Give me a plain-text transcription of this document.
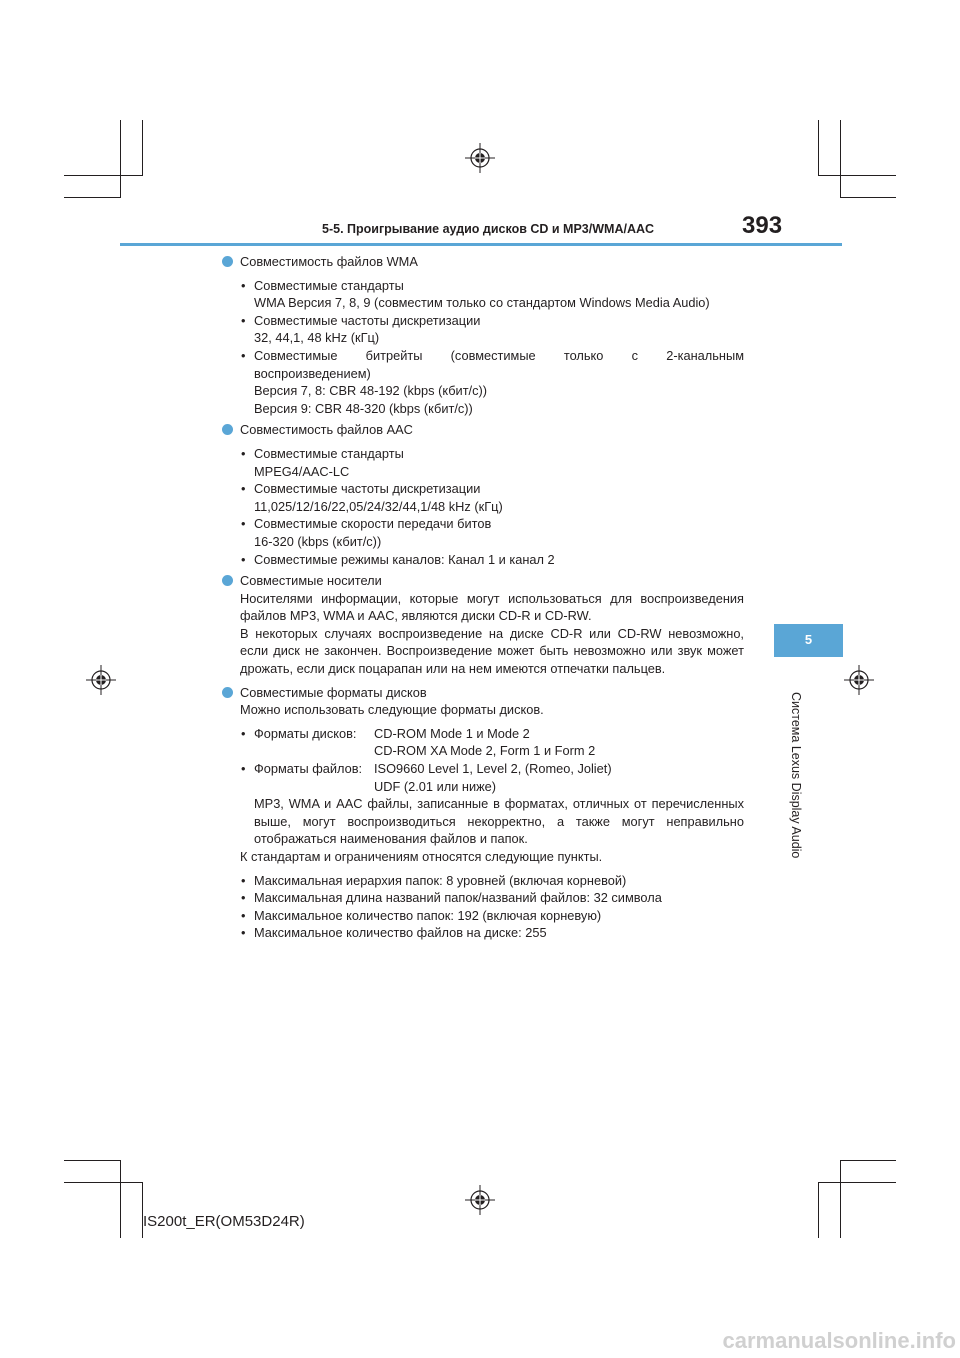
5-5. Проигрывание аудио дисков CD и MP3/WMA/AAC	393
5
Система Lexus Display Audio

Совместимость файлов WMA

• Совместимые стандарты
WMA Версия 7, 8, 9 (совместим только со стандартом Windows Media Audio)
• Совместимые частоты дискретизации
32, 44,1, 48 kHz (кГц)
• Совместимые битрейты (совместимые только с 2-канальным
воспроизведением)
Версия 7, 8: CBR 48-192 (kbps (кбит/с))
Версия 9: CBR 48-320 (kbps (кбит/с))

Совместимость файлов AAC

• Совместимые стандарты
MPEG4/AAC-LC
• Совместимые частоты дискретизации
11,025/12/16/22,05/24/32/44,1/48 kHz (кГц)
• Совместимые скорости передачи битов
16-320 (kbps (кбит/с))
• Совместимые режимы каналов: Канал 1 и канал 2

Совместимые носители

Носителями информации, которые могут использоваться для воспроизведения файлов MP3, WMA и AAC, являются диски CD-R и CD-RW.

В некоторых случаях воспроизведение на диске CD-R или CD-RW невозможно, если диск не закончен. Воспроизведение может быть невозможно или звук может дрожать, если диск поцарапан или на нем имеются отпечатки пальцев.

Совместимые форматы дисков

Можно использовать следующие форматы дисков.

• Форматы дисков:	CD-ROM Mode 1 и Mode 2
CD-ROM XA Mode 2, Form 1 и Form 2
• Форматы файлов: ISO9660 Level 1, Level 2, (Romeo, Joliet)
UDF (2.01 или ниже)
MP3, WMA и AAC файлы, записанные в форматах, отличных от перечисленных выше, могут воспроизводиться некорректно, а также могут неправильно отображаться наименования файлов и папок.

К стандартам и ограничениям относятся следующие пункты.

• Максимальная иерархия папок: 8 уровней (включая корневой)
• Максимальная длина названий папок/названий файлов: 32 символа
• Максимальное количество папок: 192 (включая корневую)
• Максимальное количество файлов на диске: 255
IS200t_ER(OM53D24R)
carmanualsonline.info
